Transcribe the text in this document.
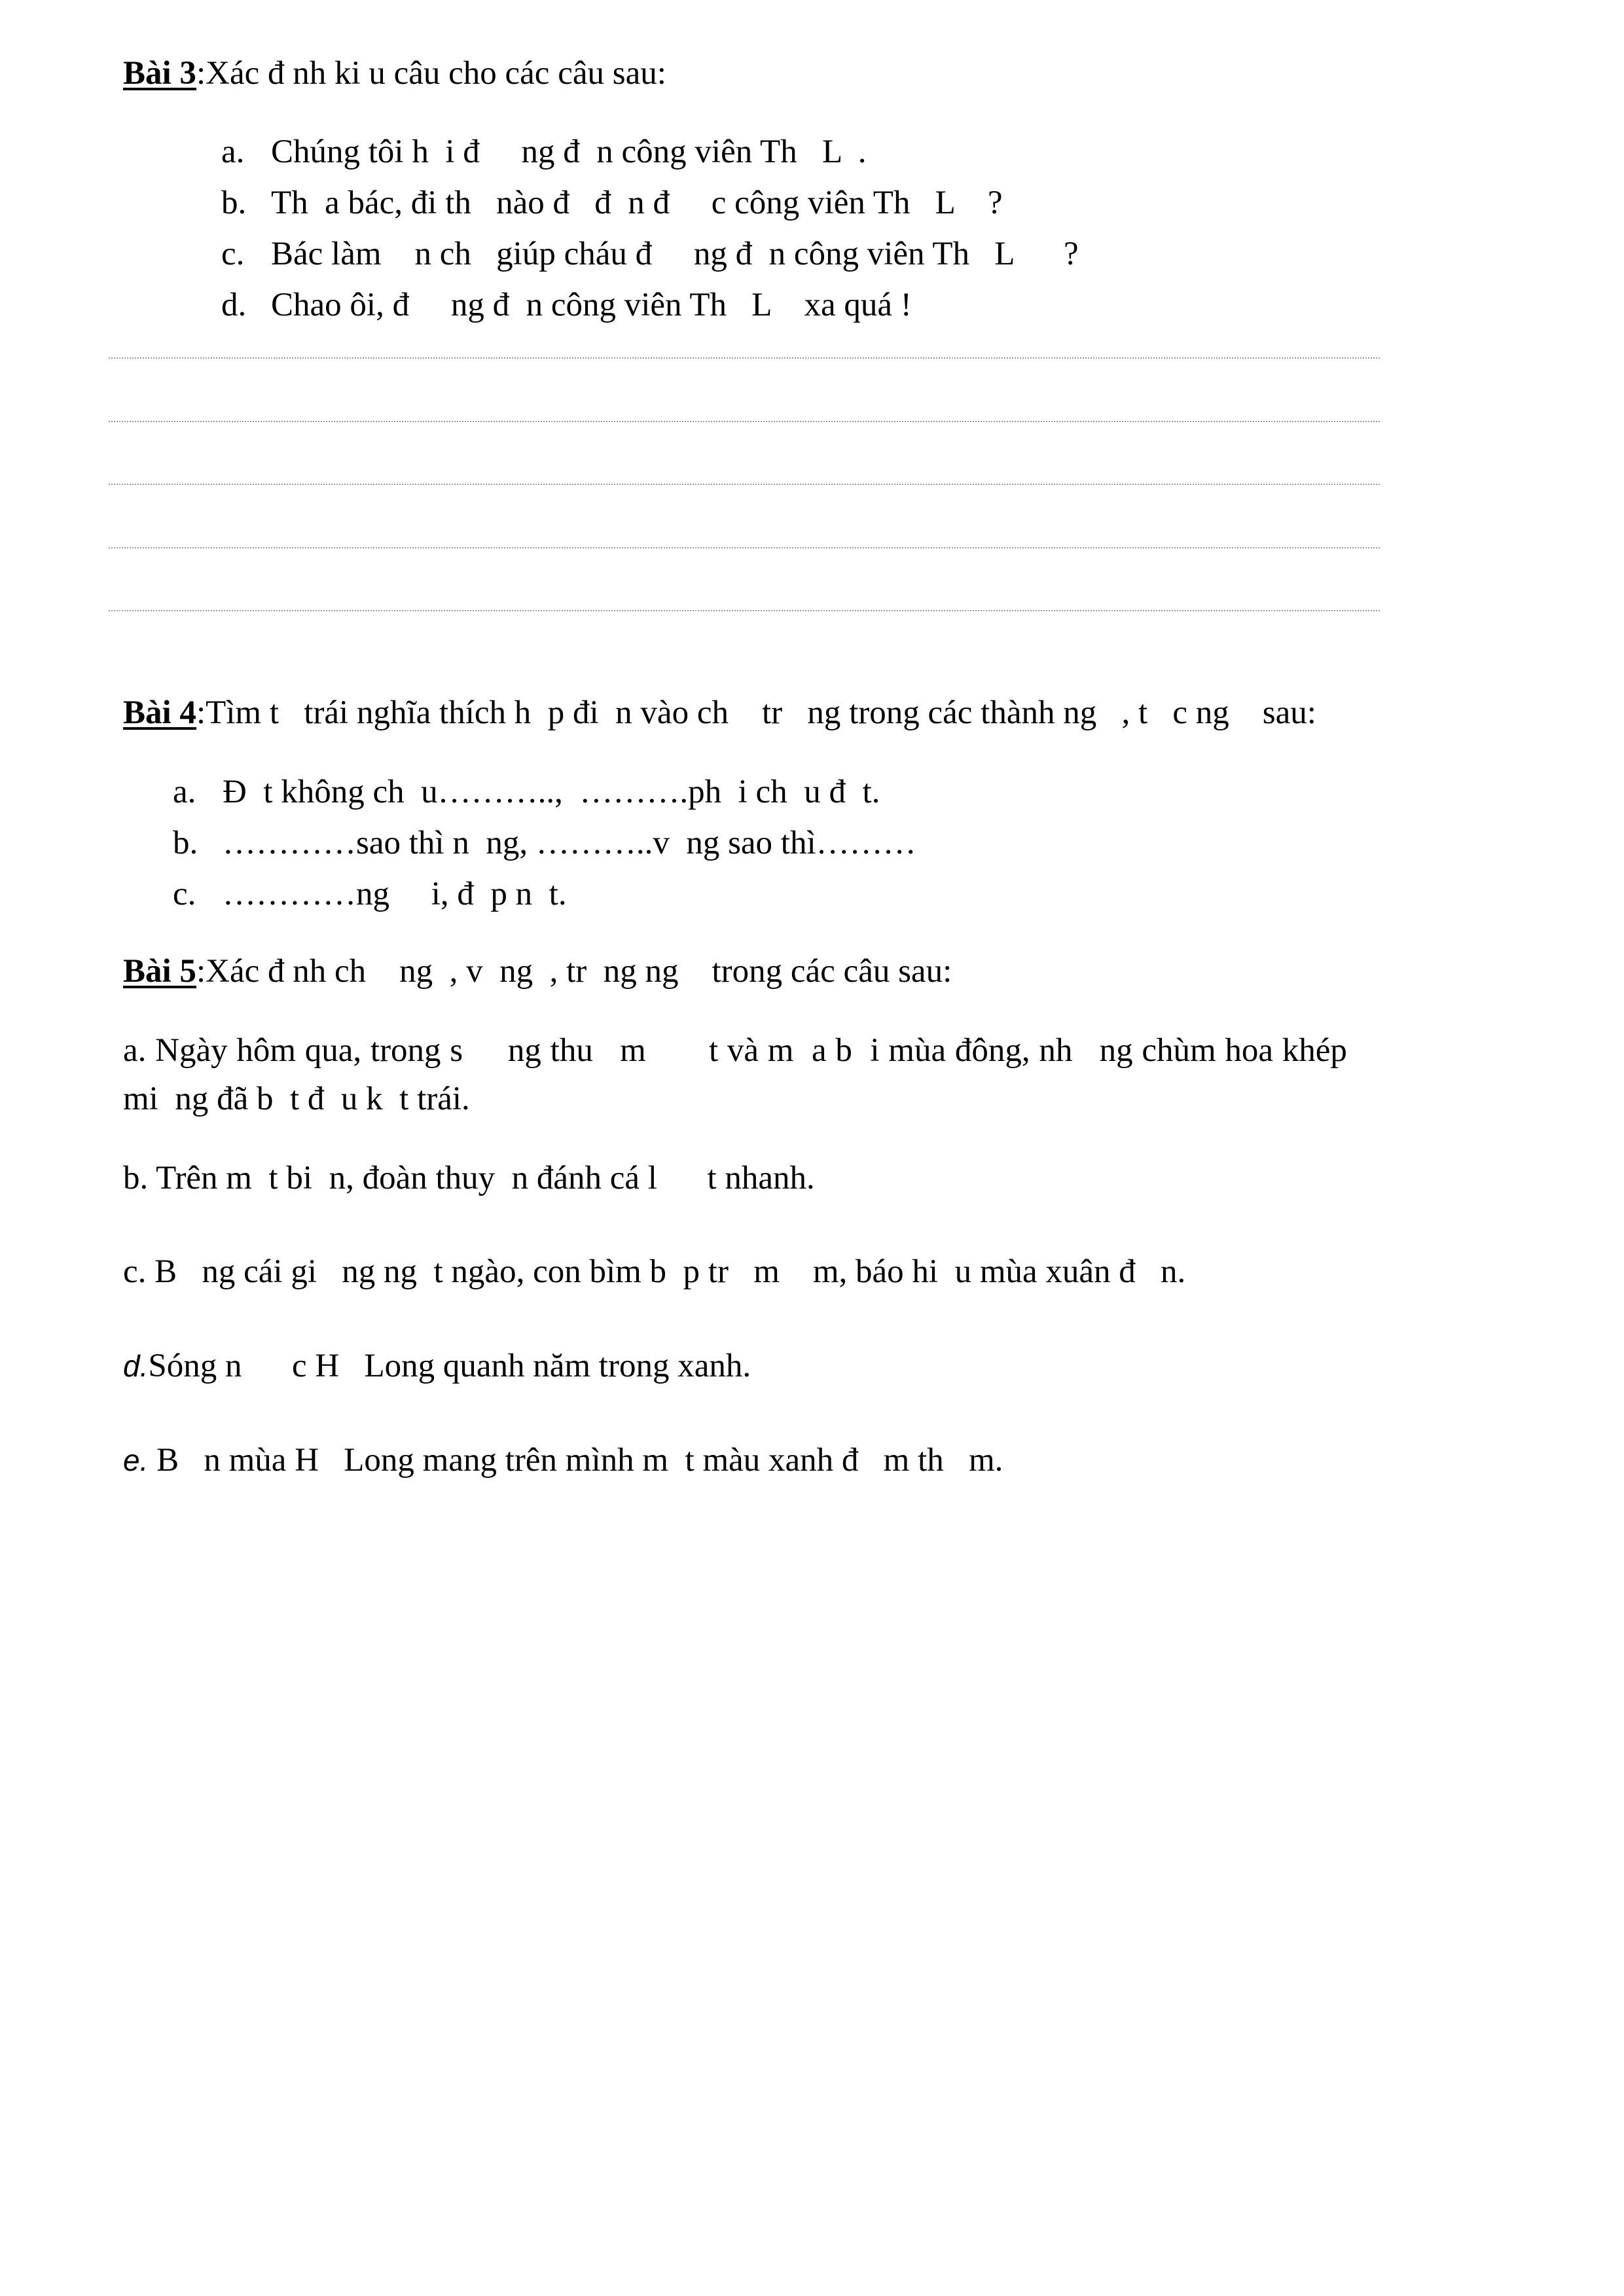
Bài 3:Xác đ nh ki u câu cho các câu sau:
a. Chúng tôi h  i đ     ng đ  n công viên Th   L  .
b. Th  a bác, đi th   nào đ   đ  n đ     c công viên Th   L    ?
c. Bác làm    n ch   giúp cháu đ     ng đ  n công viên Th   L      ?
d. Chao ôi, đ     ng đ  n công viên Th   L    xa quá !
Bài 4:Tìm t   trái nghĩa thích h  p đi  n vào ch    tr   ng trong các thành ng   , t   c ng    sau:
a. Đ  t không ch  u………..,  ……….ph  i ch  u đ  t.
b. …………sao thì n  ng, ………..v  ng sao thì………
c. …………ng     i, đ  p n  t.
Bài 5:Xác đ nh ch    ng  , v  ng  , tr  ng ng    trong các câu sau:
a. Ngày hôm qua, trong s     ng thu   m       t và m  a b  i mùa đông, nh   ng chùm hoa khép
mi  ng đã b  t đ  u k  t trái.
b. Trên m  t bi  n, đoàn thuy  n đánh cá l      t nhanh.
c. B   ng cái gi   ng ng  t ngào, con bìm b  p tr   m    m, báo hi  u mùa xuân đ   n.
d.Sóng n      c H   Long quanh năm trong xanh.
e. B   n mùa H   Long mang trên mình m  t màu xanh đ   m th   m.
